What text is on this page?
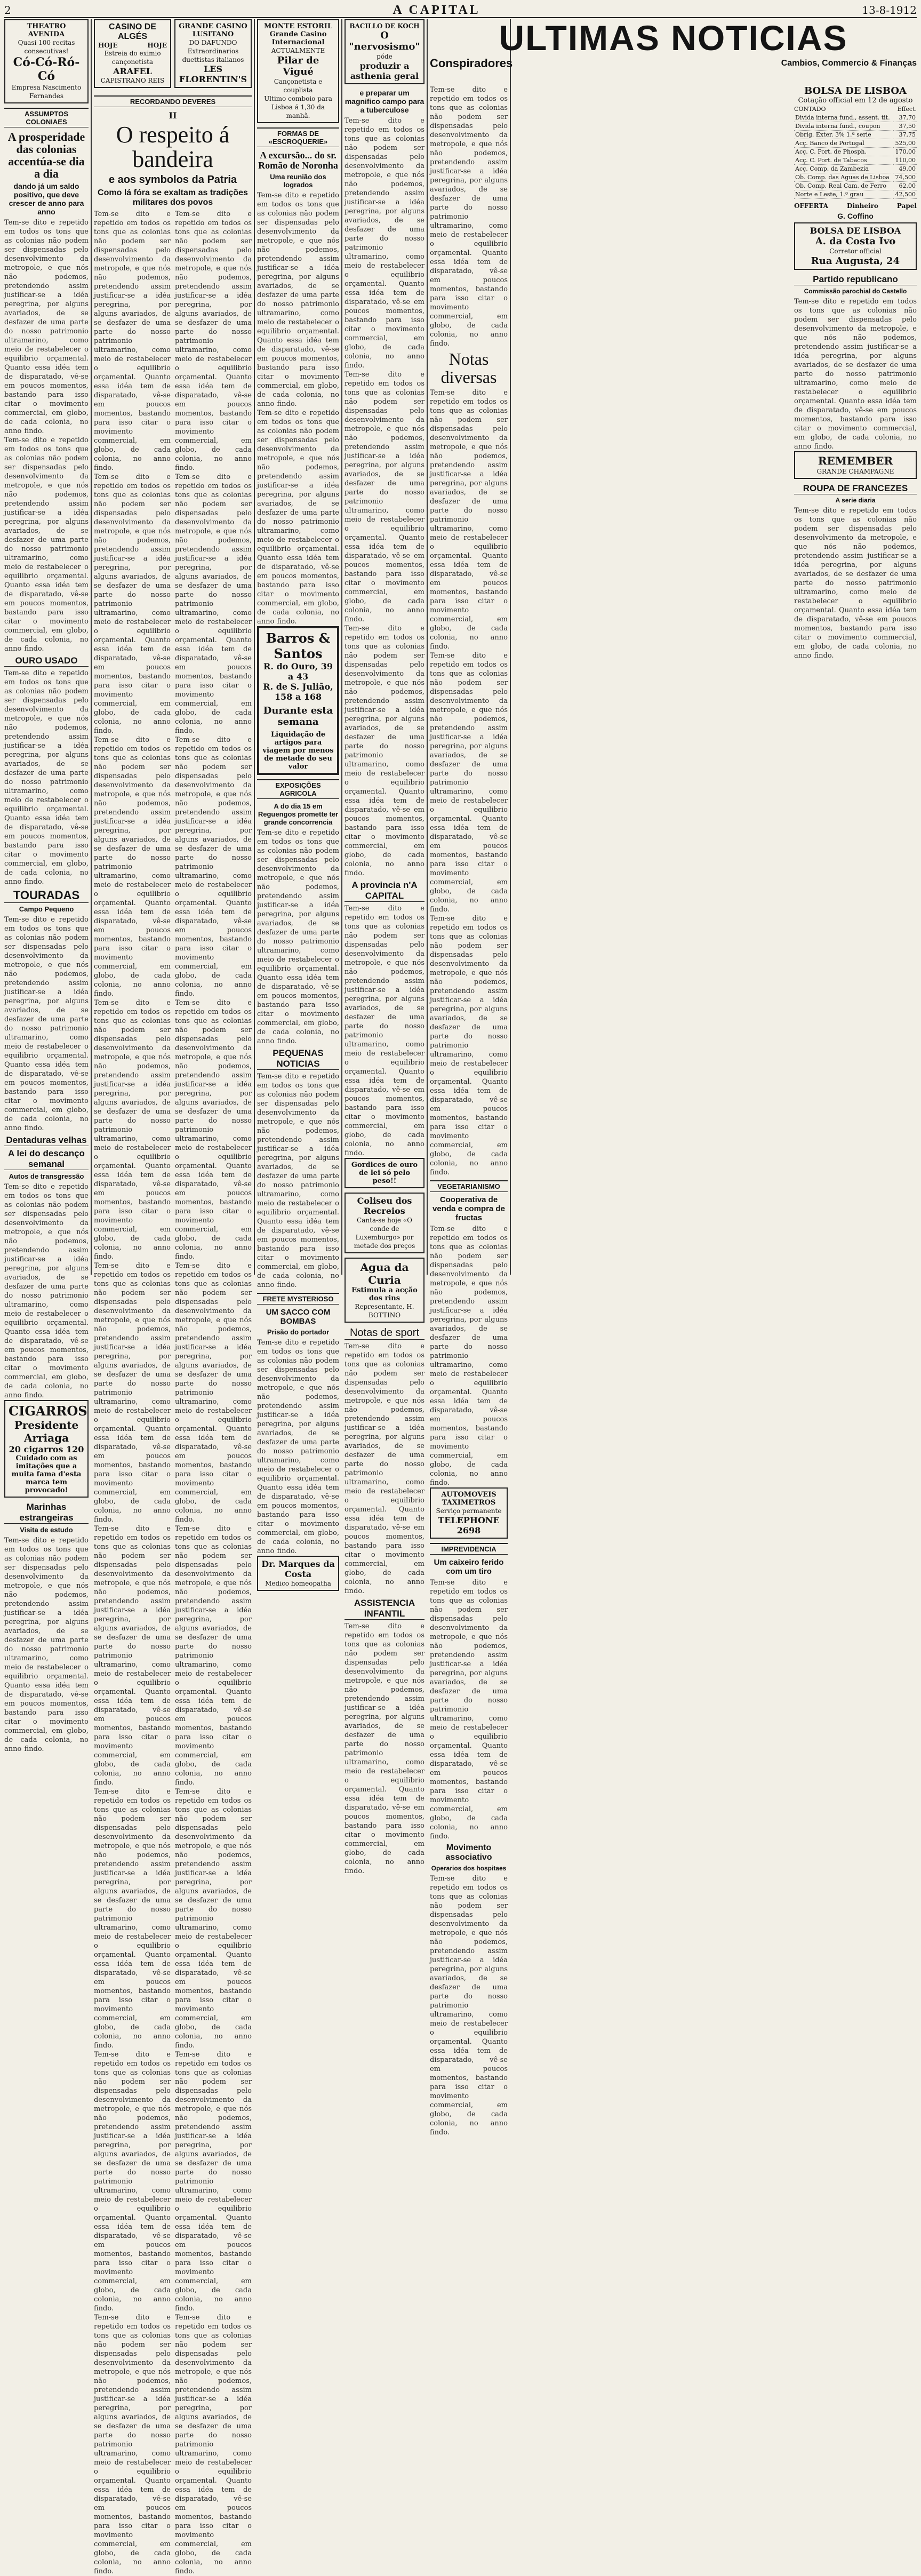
2	A CAPITAL	13-8-1912
THEATRO AVENIDA
Quasi 100 recitas consecutivas!
Có-Có-Ró-Có
Empresa Nascimento Fernandes
ASSUMPTOS COLONIAES
A prosperidade das colonias accentúa-se dia a dia
dando já um saldo positivo, que deve crescer de anno para anno
Tem-se dito e repetido em todos os tons que as colonias não podem ser dispensadas pelo desenvolvimento da metropole, e que nós não podemos, pretendendo assim justificar-se a idéa peregrina, por alguns avariados, de se desfazer de uma parte do nosso patrimonio ultramarino, como meio de restabelecer o equilibrio orçamental. Quanto essa idéa tem de disparatado, vê-se em poucos momentos, bastando para isso citar o movimento commercial, em globo, de cada colonia, no anno findo.
Tem-se dito e repetido em todos os tons que as colonias não podem ser dispensadas pelo desenvolvimento da metropole, e que nós não podemos, pretendendo assim justificar-se a idéa peregrina, por alguns avariados, de se desfazer de uma parte do nosso patrimonio ultramarino, como meio de restabelecer o equilibrio orçamental. Quanto essa idéa tem de disparatado, vê-se em poucos momentos, bastando para isso citar o movimento commercial, em globo, de cada colonia, no anno findo.
OURO USADO
Tem-se dito e repetido em todos os tons que as colonias não podem ser dispensadas pelo desenvolvimento da metropole, e que nós não podemos, pretendendo assim justificar-se a idéa peregrina, por alguns avariados, de se desfazer de uma parte do nosso patrimonio ultramarino, como meio de restabelecer o equilibrio orçamental. Quanto essa idéa tem de disparatado, vê-se em poucos momentos, bastando para isso citar o movimento commercial, em globo, de cada colonia, no anno findo.
TOURADAS
Campo Pequeno
Tem-se dito e repetido em todos os tons que as colonias não podem ser dispensadas pelo desenvolvimento da metropole, e que nós não podemos, pretendendo assim justificar-se a idéa peregrina, por alguns avariados, de se desfazer de uma parte do nosso patrimonio ultramarino, como meio de restabelecer o equilibrio orçamental. Quanto essa idéa tem de disparatado, vê-se em poucos momentos, bastando para isso citar o movimento commercial, em globo, de cada colonia, no anno findo.
Dentaduras velhas
A lei do descanço semanal
Autos de transgressão
Tem-se dito e repetido em todos os tons que as colonias não podem ser dispensadas pelo desenvolvimento da metropole, e que nós não podemos, pretendendo assim justificar-se a idéa peregrina, por alguns avariados, de se desfazer de uma parte do nosso patrimonio ultramarino, como meio de restabelecer o equilibrio orçamental. Quanto essa idéa tem de disparatado, vê-se em poucos momentos, bastando para isso citar o movimento commercial, em globo, de cada colonia, no anno findo.
CIGARROS
Presidente Arriaga
20 cigarros 120
Cuidado com as imitações que a muita fama d'esta marca tem provocado!
Marinhas estrangeiras
Visita de estudo
Tem-se dito e repetido em todos os tons que as colonias não podem ser dispensadas pelo desenvolvimento da metropole, e que nós não podemos, pretendendo assim justificar-se a idéa peregrina, por alguns avariados, de se desfazer de uma parte do nosso patrimonio ultramarino, como meio de restabelecer o equilibrio orçamental. Quanto essa idéa tem de disparatado, vê-se em poucos momentos, bastando para isso citar o movimento commercial, em globo, de cada colonia, no anno findo.
CASINO DE ALGÉS
HOJE	HOJE
Estreia do eximio cançonetista
ARAFEL
CAPISTRANO REIS
GRANDE CASINO LUSITANO
DO DAFUNDO
Extraordinarios duettistas italianos
LES FLORENTIN'S
RECORDANDO DEVERES
II
O respeito á bandeira
e aos symbolos da Patria
Como lá fóra se exaltam as tradições militares dos povos
Tem-se dito e repetido em todos os tons que as colonias não podem ser dispensadas pelo desenvolvimento da metropole, e que nós não podemos, pretendendo assim justificar-se a idéa peregrina, por alguns avariados, de se desfazer de uma parte do nosso patrimonio ultramarino, como meio de restabelecer o equilibrio orçamental. Quanto essa idéa tem de disparatado, vê-se em poucos momentos, bastando para isso citar o movimento commercial, em globo, de cada colonia, no anno findo.
Tem-se dito e repetido em todos os tons que as colonias não podem ser dispensadas pelo desenvolvimento da metropole, e que nós não podemos, pretendendo assim justificar-se a idéa peregrina, por alguns avariados, de se desfazer de uma parte do nosso patrimonio ultramarino, como meio de restabelecer o equilibrio orçamental. Quanto essa idéa tem de disparatado, vê-se em poucos momentos, bastando para isso citar o movimento commercial, em globo, de cada colonia, no anno findo.
Tem-se dito e repetido em todos os tons que as colonias não podem ser dispensadas pelo desenvolvimento da metropole, e que nós não podemos, pretendendo assim justificar-se a idéa peregrina, por alguns avariados, de se desfazer de uma parte do nosso patrimonio ultramarino, como meio de restabelecer o equilibrio orçamental. Quanto essa idéa tem de disparatado, vê-se em poucos momentos, bastando para isso citar o movimento commercial, em globo, de cada colonia, no anno findo.
Tem-se dito e repetido em todos os tons que as colonias não podem ser dispensadas pelo desenvolvimento da metropole, e que nós não podemos, pretendendo assim justificar-se a idéa peregrina, por alguns avariados, de se desfazer de uma parte do nosso patrimonio ultramarino, como meio de restabelecer o equilibrio orçamental. Quanto essa idéa tem de disparatado, vê-se em poucos momentos, bastando para isso citar o movimento commercial, em globo, de cada colonia, no anno findo.
Tem-se dito e repetido em todos os tons que as colonias não podem ser dispensadas pelo desenvolvimento da metropole, e que nós não podemos, pretendendo assim justificar-se a idéa peregrina, por alguns avariados, de se desfazer de uma parte do nosso patrimonio ultramarino, como meio de restabelecer o equilibrio orçamental. Quanto essa idéa tem de disparatado, vê-se em poucos momentos, bastando para isso citar o movimento commercial, em globo, de cada colonia, no anno findo.
Tem-se dito e repetido em todos os tons que as colonias não podem ser dispensadas pelo desenvolvimento da metropole, e que nós não podemos, pretendendo assim justificar-se a idéa peregrina, por alguns avariados, de se desfazer de uma parte do nosso patrimonio ultramarino, como meio de restabelecer o equilibrio orçamental. Quanto essa idéa tem de disparatado, vê-se em poucos momentos, bastando para isso citar o movimento commercial, em globo, de cada colonia, no anno findo.
Tem-se dito e repetido em todos os tons que as colonias não podem ser dispensadas pelo desenvolvimento da metropole, e que nós não podemos, pretendendo assim justificar-se a idéa peregrina, por alguns avariados, de se desfazer de uma parte do nosso patrimonio ultramarino, como meio de restabelecer o equilibrio orçamental. Quanto essa idéa tem de disparatado, vê-se em poucos momentos, bastando para isso citar o movimento commercial, em globo, de cada colonia, no anno findo.
Tem-se dito e repetido em todos os tons que as colonias não podem ser dispensadas pelo desenvolvimento da metropole, e que nós não podemos, pretendendo assim justificar-se a idéa peregrina, por alguns avariados, de se desfazer de uma parte do nosso patrimonio ultramarino, como meio de restabelecer o equilibrio orçamental. Quanto essa idéa tem de disparatado, vê-se em poucos momentos, bastando para isso citar o movimento commercial, em globo, de cada colonia, no anno findo.
Tem-se dito e repetido em todos os tons que as colonias não podem ser dispensadas pelo desenvolvimento da metropole, e que nós não podemos, pretendendo assim justificar-se a idéa peregrina, por alguns avariados, de se desfazer de uma parte do nosso patrimonio ultramarino, como meio de restabelecer o equilibrio orçamental. Quanto essa idéa tem de disparatado, vê-se em poucos momentos, bastando para isso citar o movimento commercial, em globo, de cada colonia, no anno findo.
Tem-se dito e repetido em todos os tons que as colonias não podem ser dispensadas pelo desenvolvimento da metropole, e que nós não podemos, pretendendo assim justificar-se a idéa peregrina, por alguns avariados, de se desfazer de uma parte do nosso patrimonio ultramarino, como meio de restabelecer o equilibrio orçamental. Quanto essa idéa tem de disparatado, vê-se em poucos momentos, bastando para isso citar o movimento commercial, em globo, de cada colonia, no anno findo.
Tem-se dito e repetido em todos os tons que as colonias não podem ser dispensadas pelo desenvolvimento da metropole, e que nós não podemos, pretendendo assim justificar-se a idéa peregrina, por alguns avariados, de se desfazer de uma parte do nosso patrimonio ultramarino, como meio de restabelecer o equilibrio orçamental. Quanto essa idéa tem de disparatado, vê-se em poucos momentos, bastando para isso citar o movimento commercial, em globo, de cada colonia, no anno findo.
Tem-se dito e repetido em todos os tons que as colonias não podem ser dispensadas pelo desenvolvimento da metropole, e que nós não podemos, pretendendo assim justificar-se a idéa peregrina, por alguns avariados, de se desfazer de uma parte do nosso patrimonio ultramarino, como meio de restabelecer o equilibrio orçamental. Quanto essa idéa tem de disparatado, vê-se em poucos momentos, bastando para isso citar o movimento commercial, em globo, de cada colonia, no anno findo.
Tem-se dito e repetido em todos os tons que as colonias não podem ser dispensadas pelo desenvolvimento da metropole, e que nós não podemos, pretendendo assim justificar-se a idéa peregrina, por alguns avariados, de se desfazer de uma parte do nosso patrimonio ultramarino, como meio de restabelecer o equilibrio orçamental. Quanto essa idéa tem de disparatado, vê-se em poucos momentos, bastando para isso citar o movimento commercial, em globo, de cada colonia, no anno findo.
Tem-se dito e repetido em todos os tons que as colonias não podem ser dispensadas pelo desenvolvimento da metropole, e que nós não podemos, pretendendo assim justificar-se a idéa peregrina, por alguns avariados, de se desfazer de uma parte do nosso patrimonio ultramarino, como meio de restabelecer o equilibrio orçamental. Quanto essa idéa tem de disparatado, vê-se em poucos momentos, bastando para isso citar o movimento commercial, em globo, de cada colonia, no anno findo.
Tem-se dito e repetido em todos os tons que as colonias não podem ser dispensadas pelo desenvolvimento da metropole, e que nós não podemos, pretendendo assim justificar-se a idéa peregrina, por alguns avariados, de se desfazer de uma parte do nosso patrimonio ultramarino, como meio de restabelecer o equilibrio orçamental. Quanto essa idéa tem de disparatado, vê-se em poucos momentos, bastando para isso citar o movimento commercial, em globo, de cada colonia, no anno findo.
Tem-se dito e repetido em todos os tons que as colonias não podem ser dispensadas pelo desenvolvimento da metropole, e que nós não podemos, pretendendo assim justificar-se a idéa peregrina, por alguns avariados, de se desfazer de uma parte do nosso patrimonio ultramarino, como meio de restabelecer o equilibrio orçamental. Quanto essa idéa tem de disparatado, vê-se em poucos momentos, bastando para isso citar o movimento commercial, em globo, de cada colonia, no anno findo.
Tem-se dito e repetido em todos os tons que as colonias não podem ser dispensadas pelo desenvolvimento da metropole, e que nós não podemos, pretendendo assim justificar-se a idéa peregrina, por alguns avariados, de se desfazer de uma parte do nosso patrimonio ultramarino, como meio de restabelecer o equilibrio orçamental. Quanto essa idéa tem de disparatado, vê-se em poucos momentos, bastando para isso citar o movimento commercial, em globo, de cada colonia, no anno findo.
Tem-se dito e repetido em todos os tons que as colonias não podem ser dispensadas pelo desenvolvimento da metropole, e que nós não podemos, pretendendo assim justificar-se a idéa peregrina, por alguns avariados, de se desfazer de uma parte do nosso patrimonio ultramarino, como meio de restabelecer o equilibrio orçamental. Quanto essa idéa tem de disparatado, vê-se em poucos momentos, bastando para isso citar o movimento commercial, em globo, de cada colonia, no anno findo.
MONTE ESTORIL
Grande Casino Internacional
ACTUALMENTE
Pilar de Vigué
Cançonetista e couplista
Ultimo comboio para Lisboa á 1,30 da manhã.
FORMAS DE «ESCROQUERIE»
A excursão... do sr. Romão de Noronha
Uma reunião dos logrados
Tem-se dito e repetido em todos os tons que as colonias não podem ser dispensadas pelo desenvolvimento da metropole, e que nós não podemos, pretendendo assim justificar-se a idéa peregrina, por alguns avariados, de se desfazer de uma parte do nosso patrimonio ultramarino, como meio de restabelecer o equilibrio orçamental. Quanto essa idéa tem de disparatado, vê-se em poucos momentos, bastando para isso citar o movimento commercial, em globo, de cada colonia, no anno findo.
Tem-se dito e repetido em todos os tons que as colonias não podem ser dispensadas pelo desenvolvimento da metropole, e que nós não podemos, pretendendo assim justificar-se a idéa peregrina, por alguns avariados, de se desfazer de uma parte do nosso patrimonio ultramarino, como meio de restabelecer o equilibrio orçamental. Quanto essa idéa tem de disparatado, vê-se em poucos momentos, bastando para isso citar o movimento commercial, em globo, de cada colonia, no anno findo.
Barros & Santos
R. do Ouro, 39 a 43
R. de S. Julião,
158 a 168
Durante esta semana
Liquidação de artigos para viagem por menos de metade do seu valor
EXPOSIÇÕES AGRICOLA
A do dia 15 em Reguengos promette ter grande concorrencia
Tem-se dito e repetido em todos os tons que as colonias não podem ser dispensadas pelo desenvolvimento da metropole, e que nós não podemos, pretendendo assim justificar-se a idéa peregrina, por alguns avariados, de se desfazer de uma parte do nosso patrimonio ultramarino, como meio de restabelecer o equilibrio orçamental. Quanto essa idéa tem de disparatado, vê-se em poucos momentos, bastando para isso citar o movimento commercial, em globo, de cada colonia, no anno findo.
PEQUENAS NOTICIAS
Tem-se dito e repetido em todos os tons que as colonias não podem ser dispensadas pelo desenvolvimento da metropole, e que nós não podemos, pretendendo assim justificar-se a idéa peregrina, por alguns avariados, de se desfazer de uma parte do nosso patrimonio ultramarino, como meio de restabelecer o equilibrio orçamental. Quanto essa idéa tem de disparatado, vê-se em poucos momentos, bastando para isso citar o movimento commercial, em globo, de cada colonia, no anno findo.
FRETE MYSTERIOSO
UM SACCO COM BOMBAS
Prisão do portador
Tem-se dito e repetido em todos os tons que as colonias não podem ser dispensadas pelo desenvolvimento da metropole, e que nós não podemos, pretendendo assim justificar-se a idéa peregrina, por alguns avariados, de se desfazer de uma parte do nosso patrimonio ultramarino, como meio de restabelecer o equilibrio orçamental. Quanto essa idéa tem de disparatado, vê-se em poucos momentos, bastando para isso citar o movimento commercial, em globo, de cada colonia, no anno findo.
Dr. Marques da Costa
Medico homeopatha
BACILLO DE KOCH
O "nervosismo"
póde
produzir a asthenia geral
e preparar um magnifico campo para a tuberculose
Tem-se dito e repetido em todos os tons que as colonias não podem ser dispensadas pelo desenvolvimento da metropole, e que nós não podemos, pretendendo assim justificar-se a idéa peregrina, por alguns avariados, de se desfazer de uma parte do nosso patrimonio ultramarino, como meio de restabelecer o equilibrio orçamental. Quanto essa idéa tem de disparatado, vê-se em poucos momentos, bastando para isso citar o movimento commercial, em globo, de cada colonia, no anno findo.
Tem-se dito e repetido em todos os tons que as colonias não podem ser dispensadas pelo desenvolvimento da metropole, e que nós não podemos, pretendendo assim justificar-se a idéa peregrina, por alguns avariados, de se desfazer de uma parte do nosso patrimonio ultramarino, como meio de restabelecer o equilibrio orçamental. Quanto essa idéa tem de disparatado, vê-se em poucos momentos, bastando para isso citar o movimento commercial, em globo, de cada colonia, no anno findo.
Tem-se dito e repetido em todos os tons que as colonias não podem ser dispensadas pelo desenvolvimento da metropole, e que nós não podemos, pretendendo assim justificar-se a idéa peregrina, por alguns avariados, de se desfazer de uma parte do nosso patrimonio ultramarino, como meio de restabelecer o equilibrio orçamental. Quanto essa idéa tem de disparatado, vê-se em poucos momentos, bastando para isso citar o movimento commercial, em globo, de cada colonia, no anno findo.
A provincia n'A CAPITAL
Tem-se dito e repetido em todos os tons que as colonias não podem ser dispensadas pelo desenvolvimento da metropole, e que nós não podemos, pretendendo assim justificar-se a idéa peregrina, por alguns avariados, de se desfazer de uma parte do nosso patrimonio ultramarino, como meio de restabelecer o equilibrio orçamental. Quanto essa idéa tem de disparatado, vê-se em poucos momentos, bastando para isso citar o movimento commercial, em globo, de cada colonia, no anno findo.
Gordices de ouro de lei só pelo peso!!
Coliseu dos Recreios
Canta-se hoje «O conde de Luxemburgo» por metade dos preços
Agua da Curia
Estimula a acção dos rins
Representante, H. BOTTINO
Notas de sport
Tem-se dito e repetido em todos os tons que as colonias não podem ser dispensadas pelo desenvolvimento da metropole, e que nós não podemos, pretendendo assim justificar-se a idéa peregrina, por alguns avariados, de se desfazer de uma parte do nosso patrimonio ultramarino, como meio de restabelecer o equilibrio orçamental. Quanto essa idéa tem de disparatado, vê-se em poucos momentos, bastando para isso citar o movimento commercial, em globo, de cada colonia, no anno findo.
ASSISTENCIA INFANTIL
Tem-se dito e repetido em todos os tons que as colonias não podem ser dispensadas pelo desenvolvimento da metropole, e que nós não podemos, pretendendo assim justificar-se a idéa peregrina, por alguns avariados, de se desfazer de uma parte do nosso patrimonio ultramarino, como meio de restabelecer o equilibrio orçamental. Quanto essa idéa tem de disparatado, vê-se em poucos momentos, bastando para isso citar o movimento commercial, em globo, de cada colonia, no anno findo.
ULTIMAS NOTICIAS
Conspiradores	Cambios, Commercio & Finanças
Tem-se dito e repetido em todos os tons que as colonias não podem ser dispensadas pelo desenvolvimento da metropole, e que nós não podemos, pretendendo assim justificar-se a idéa peregrina, por alguns avariados, de se desfazer de uma parte do nosso patrimonio ultramarino, como meio de restabelecer o equilibrio orçamental. Quanto essa idéa tem de disparatado, vê-se em poucos momentos, bastando para isso citar o movimento commercial, em globo, de cada colonia, no anno findo.
Notas diversas
Tem-se dito e repetido em todos os tons que as colonias não podem ser dispensadas pelo desenvolvimento da metropole, e que nós não podemos, pretendendo assim justificar-se a idéa peregrina, por alguns avariados, de se desfazer de uma parte do nosso patrimonio ultramarino, como meio de restabelecer o equilibrio orçamental. Quanto essa idéa tem de disparatado, vê-se em poucos momentos, bastando para isso citar o movimento commercial, em globo, de cada colonia, no anno findo.
Tem-se dito e repetido em todos os tons que as colonias não podem ser dispensadas pelo desenvolvimento da metropole, e que nós não podemos, pretendendo assim justificar-se a idéa peregrina, por alguns avariados, de se desfazer de uma parte do nosso patrimonio ultramarino, como meio de restabelecer o equilibrio orçamental. Quanto essa idéa tem de disparatado, vê-se em poucos momentos, bastando para isso citar o movimento commercial, em globo, de cada colonia, no anno findo.
Tem-se dito e repetido em todos os tons que as colonias não podem ser dispensadas pelo desenvolvimento da metropole, e que nós não podemos, pretendendo assim justificar-se a idéa peregrina, por alguns avariados, de se desfazer de uma parte do nosso patrimonio ultramarino, como meio de restabelecer o equilibrio orçamental. Quanto essa idéa tem de disparatado, vê-se em poucos momentos, bastando para isso citar o movimento commercial, em globo, de cada colonia, no anno findo.
VEGETARIANISMO
Cooperativa de venda e compra de fructas
Tem-se dito e repetido em todos os tons que as colonias não podem ser dispensadas pelo desenvolvimento da metropole, e que nós não podemos, pretendendo assim justificar-se a idéa peregrina, por alguns avariados, de se desfazer de uma parte do nosso patrimonio ultramarino, como meio de restabelecer o equilibrio orçamental. Quanto essa idéa tem de disparatado, vê-se em poucos momentos, bastando para isso citar o movimento commercial, em globo, de cada colonia, no anno findo.
AUTOMOVEIS TAXIMETROS
Serviço permanente
TELEPHONE 2698
IMPREVIDENCIA
Um caixeiro ferido com um tiro
Tem-se dito e repetido em todos os tons que as colonias não podem ser dispensadas pelo desenvolvimento da metropole, e que nós não podemos, pretendendo assim justificar-se a idéa peregrina, por alguns avariados, de se desfazer de uma parte do nosso patrimonio ultramarino, como meio de restabelecer o equilibrio orçamental. Quanto essa idéa tem de disparatado, vê-se em poucos momentos, bastando para isso citar o movimento commercial, em globo, de cada colonia, no anno findo.
Movimento associativo
Operarios dos hospitaes
Tem-se dito e repetido em todos os tons que as colonias não podem ser dispensadas pelo desenvolvimento da metropole, e que nós não podemos, pretendendo assim justificar-se a idéa peregrina, por alguns avariados, de se desfazer de uma parte do nosso patrimonio ultramarino, como meio de restabelecer o equilibrio orçamental. Quanto essa idéa tem de disparatado, vê-se em poucos momentos, bastando para isso citar o movimento commercial, em globo, de cada colonia, no anno findo.
BOLSA DE LISBOA
Cotação official em 12 de agosto
CONTADO	Effect.
Divida interna fund., assent. tit.	37,70
Divida interna fund., coupon	37,50
Obrig. Exter. 3% 1.ª serie	37,75
Acç. Banco de Portugal	525,00
Acç. C. Port. de Phosph.	170,00
Acç. C. Port. de Tabacos	110,00
Acç. Comp. da Zambezia	49,00
Ob. Comp. das Aguas de Lisboa	74,500
Ob. Comp. Real Cam. de Ferro	62,00
Norte e Leste, 1.º grau	42,500
OFFERTA	Dinheiro	Papel
G. Coffino
BOLSA DE LISBOA
A. da Costa Ivo
Corretor official
Rua Augusta, 24
Partido republicano
Commissão parochial do Castello
Tem-se dito e repetido em todos os tons que as colonias não podem ser dispensadas pelo desenvolvimento da metropole, e que nós não podemos, pretendendo assim justificar-se a idéa peregrina, por alguns avariados, de se desfazer de uma parte do nosso patrimonio ultramarino, como meio de restabelecer o equilibrio orçamental. Quanto essa idéa tem de disparatado, vê-se em poucos momentos, bastando para isso citar o movimento commercial, em globo, de cada colonia, no anno findo.
REMEMBER
GRANDE CHAMPAGNE
ROUPA DE FRANCEZES
A serie diaria
Tem-se dito e repetido em todos os tons que as colonias não podem ser dispensadas pelo desenvolvimento da metropole, e que nós não podemos, pretendendo assim justificar-se a idéa peregrina, por alguns avariados, de se desfazer de uma parte do nosso patrimonio ultramarino, como meio de restabelecer o equilibrio orçamental. Quanto essa idéa tem de disparatado, vê-se em poucos momentos, bastando para isso citar o movimento commercial, em globo, de cada colonia, no anno findo.
